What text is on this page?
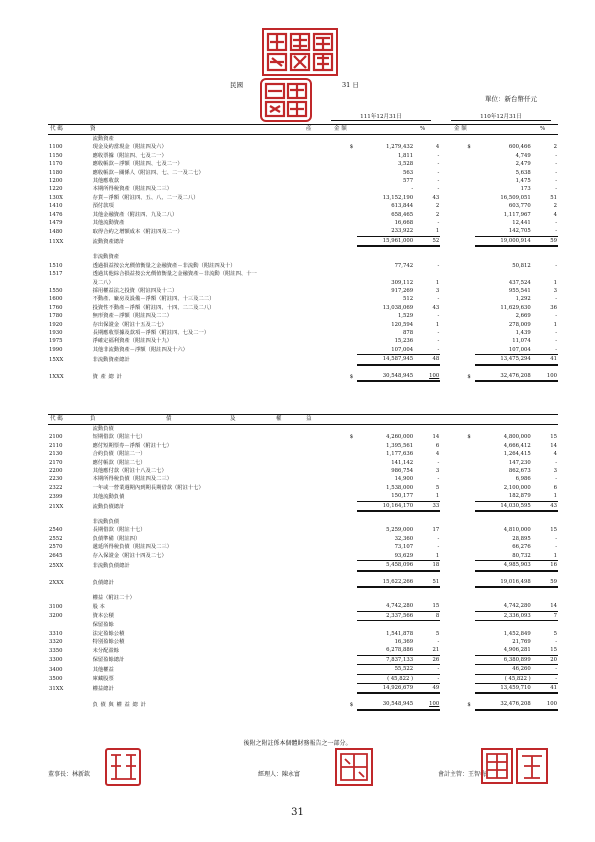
民國	31 日
單位：新台幣仟元
111年12月31日	110年12月31日
代 碼	資	產	金 額	%	金 額	%
	流動資產							
1100	現金及約當現金（附註四及六）	$	1,279,432	4		$	600,466	2
1150	應收票據（附註四、七及二一）		1,811	-			4,749	-
1170	應收帳款－淨額（附註四、七及二一）		3,528	-			2,479	-
1180	應收帳款－關係人（附註四、七、二一及二七）		563	-			5,638	-
1200	其他應收款		577	-			1,475	-
1220	本期所得稅資產（附註四及二三）		-	-			173	-
130X	存貨－淨額（附註四、五、八、二一及二八）		13,152,190	43			16,509,051	51
1410	預付款項		613,844	2			603,770	2
1476	其他金融資產（附註四、九及二八）		658,465	2			1,117,967	4
1479	其他流動資產		16,668	-			12,441	-
1480	取得合約之增額成本（附註四及二一）		233,922	1			142,705	-
11XX	流動資產總計		15,961,000	52			19,000,914	59

	非流動資產							
1510	透過損益按公允價值衡量之金融資產－非流動（附註四及十）		77,742	-			50,812	-
1517	透過其他綜合損益按公允價值衡量之金融資產－非流動（附註四、十一							
	及二八）		309,112	1			437,524	1
1550	採用權益法之投資（附註四及十二）		917,269	3			955,541	3
1600	不動產、廠房及設備－淨額（附註四、十三及二二）		512	-			1,292	-
1760	投資性不動產－淨額（附註四、十四、二二及二八）		13,038,069	43			11,629,630	36
1780	無形資產－淨額（附註四及二二）		1,529	-			2,669	-
1920	存出保證金（附註十五及二七）		120,594	1			278,009	1
1930	長期應收票據及款項－淨額（附註四、七及二一）		878	-			1,439	-
1975	淨確定福利資產（附註四及十九）		15,236	-			11,074	-
1990	其他非流動資產－淨額（附註四及十六）		107,004	-			107,004	-
15XX	非流動資產總計		14,587,945	48			13,475,294	41

1XXX	資 產 總 計	$	30,548,945	100		$	32,476,208	100
代 碼	負	債	及	權	益
	流動負債							
2100	短期借款（附註十七）	$	4,260,000	14		$	4,800,000	15
2110	應付短期票券－淨額（附註十七）		1,395,561	6			4,666,412	14
2130	合約負債（附註二一）		1,177,636	4			1,264,415	4
2170	應付帳款（附註二七）		141,142	-			147,230	-
2200	其他應付款（附註十八及二七）		986,754	3			862,673	3
2230	本期所得稅負債（附註四及二三）		14,900	-			6,986	-
2322	一年或一營業週期內到期長期借款（附註十七）		1,538,000	5			2,100,000	6
2399	其他流動負債		150,177	1			182,879	1
21XX	流動負債總計		10,164,170	33			14,030,595	43

	非流動負債							
2540	長期借款（附註十七）		5,259,000	17			4,810,000	15
2552	負債準備（附註四）		32,360	-			28,895	-
2570	遞延所得稅負債（附註四及二三）		73,107	-			66,276	-
2645	存入保證金（附註十四及二七）		93,629	1			80,732	1
25XX	非流動負債總計		5,458,096	18			4,985,903	16

2XXX	負債總計		15,622,266	51			19,016,498	59

	權益（附註二十）							
3100	股 本		4,742,280	15			4,742,280	14
3200	資本公積		2,337,566	8			2,336,093	7
	保留盈餘							
3310	法定盈餘公積		1,541,878	5			1,452,849	5
3320	特別盈餘公積		16,369	-			21,769	-
3350	未分配盈餘		6,278,886	21			4,906,281	15
3300	保留盈餘總計		7,837,133	26			6,380,899	20
3400	其他權益		55,522	-			46,260	-
3500	庫藏股票		( 45,822 )	-			( 45,822 )	-
31XX	權益總計		14,926,679	49			13,459,710	41

	負 債 與 權 益 總 計	$	30,548,945	100		$	32,476,208	100
後附之附註係本個體財務報告之一部分。
董事長：林新欽	經理人：陳永富	會計主管：王智梅
31
